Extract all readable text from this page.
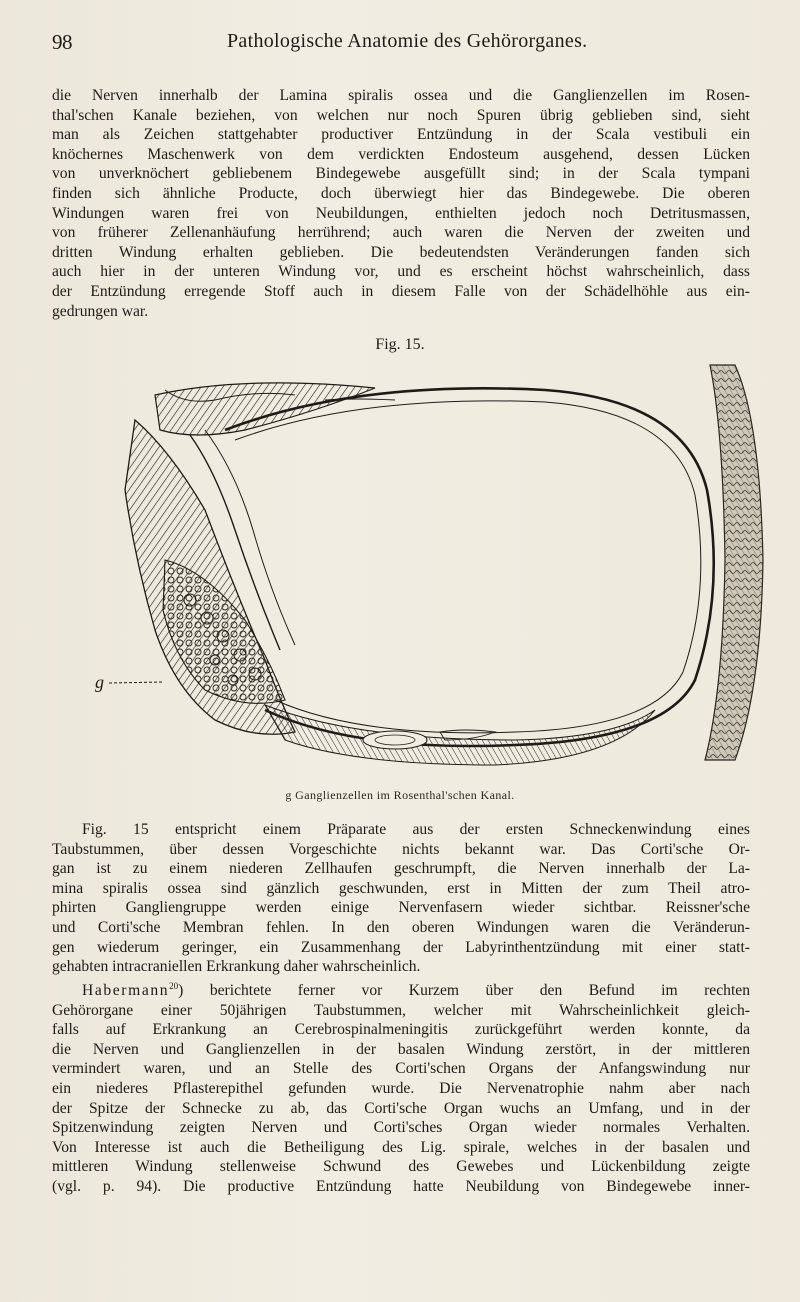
98	Pathologische Anatomie des Gehörorganes.
die Nerven innerhalb der Lamina spiralis ossea und die Ganglienzellen im Rosen-
thal'schen Kanale beziehen, von welchen nur noch Spuren übrig geblieben sind, sieht
man als Zeichen stattgehabter productiver Entzündung in der Scala vestibuli ein
knöchernes Maschenwerk von dem verdickten Endosteum ausgehend, dessen Lücken
von unverknöchert gebliebenem Bindegewebe ausgefüllt sind; in der Scala tympani
finden sich ähnliche Producte, doch überwiegt hier das Bindegewebe. Die oberen
Windungen waren frei von Neubildungen, enthielten jedoch noch Detritusmassen,
von früherer Zellenanhäufung herrührend; auch waren die Nerven der zweiten und
dritten Windung erhalten geblieben. Die bedeutendsten Veränderungen fanden sich
auch hier in der unteren Windung vor, und es erscheint höchst wahrscheinlich, dass
der Entzündung erregende Stoff auch in diesem Falle von der Schädelhöhle aus ein-
gedrungen war.
Fig. 15.
g
g Ganglienzellen im Rosenthal'schen Kanal.
Fig. 15 entspricht einem Präparate aus der ersten Schneckenwindung eines
Taubstummen, über dessen Vorgeschichte nichts bekannt war. Das Corti'sche Or-
gan ist zu einem niederen Zellhaufen geschrumpft, die Nerven innerhalb der La-
mina spiralis ossea sind gänzlich geschwunden, erst in Mitten der zum Theil atro-
phirten Gangliengruppe werden einige Nervenfasern wieder sichtbar. Reissner'sche
und Corti'sche Membran fehlen. In den oberen Windungen waren die Veränderun-
gen wiederum geringer, ein Zusammenhang der Labyrinthentzündung mit einer statt-
gehabten intracraniellen Erkrankung daher wahrscheinlich.
Habermann$^{20}$) berichtete ferner vor Kurzem über den Befund im rechten
Gehörorgane einer 50jährigen Taubstummen, welcher mit Wahrscheinlichkeit gleich-
falls auf Erkrankung an Cerebrospinalmeningitis zurückgeführt werden konnte, da
die Nerven und Ganglienzellen in der basalen Windung zerstört, in der mittleren
vermindert waren, und an Stelle des Corti'schen Organs der Anfangswindung nur
ein niederes Pflasterepithel gefunden wurde. Die Nervenatrophie nahm aber nach
der Spitze der Schnecke zu ab, das Corti'sche Organ wuchs an Umfang, und in der
Spitzenwindung zeigten Nerven und Corti'sches Organ wieder normales Verhalten.
Von Interesse ist auch die Betheiligung des Lig. spirale, welches in der basalen und
mittleren Windung stellenweise Schwund des Gewebes und Lückenbildung zeigte
(vgl. p. 94). Die productive Entzündung hatte Neubildung von Bindegewebe inner-
